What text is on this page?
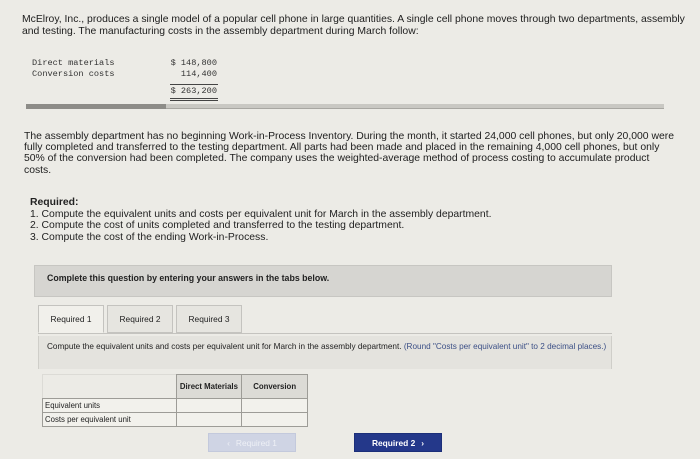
McElroy, Inc., produces a single model of a popular cell phone in large quantities. A single cell phone moves through two departments, assembly and testing. The manufacturing costs in the assembly department during March follow:
Direct materials	$ 148,800
Conversion costs	114,400
$ 263,200
The assembly department has no beginning Work-in-Process Inventory. During the month, it started 24,000 cell phones, but only 20,000 were fully completed and transferred to the testing department. All parts had been made and placed in the remaining 4,000 cell phones, but only 50% of the conversion had been completed. The company uses the weighted-average method of process costing to accumulate product costs.
Required:
1. Compute the equivalent units and costs per equivalent unit for March in the assembly department.
2. Compute the cost of units completed and transferred to the testing department.
3. Compute the cost of the ending Work-in-Process.
Complete this question by entering your answers in the tabs below.
Required 1	Required 2	Required 3
Compute the equivalent units and costs per equivalent unit for March in the assembly department. (Round "Costs per equivalent unit" to 2 decimal places.)
	Direct Materials	Conversion
Equivalent units		
Costs per equivalent unit		
‹ Required 1	Required 2 ›
